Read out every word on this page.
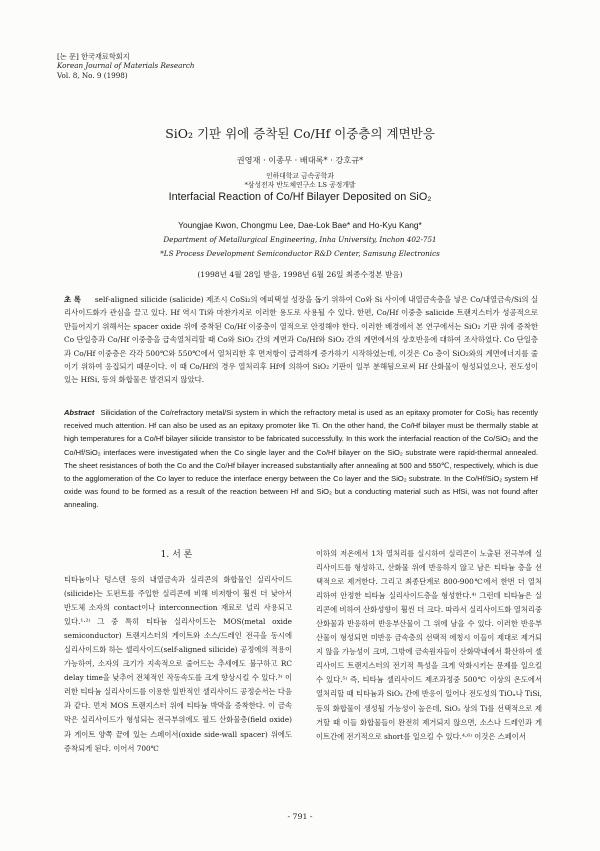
[논 문] 한국재료학회지
Korean Journal of Materials Research
Vol. 8, No. 9 (1998)
SiO₂ 기판 위에 증착된 Co/Hf 이중층의 계면반응
권영재 · 이종무 · 배대록* · 강호규*
인하대학교 금속공학과
*삼성전자 반도체연구소 LS 공정개발
Interfacial Reaction of Co/Hf Bilayer Deposited on SiO₂
Youngjae Kwon, Chongmu Lee, Dae-Lok Bae* and Ho-Kyu Kang*
Department of Metallurgical Engineering, Inha University, Inchon 402-751
*LS Process Development Semiconductor R&D Center, Samsung Electronics
(1998년 4월 28일 받음, 1998년 6월 26일 최종수정본 받음)

초 록 self-aligned silicide (salicide) 제조시 CoSi₂의 에피택셜 성장을 돕기 위하여 Co와 Si 사이에 내열금속층을 넣은 Co/내열금속/Si의 실리사이드화가 관심을 끌고 있다. Hf 역시 Ti와 마찬가지로 이러한 용도로 사용될 수 있다. 한편, Co/Hf 이중층 salicide 트랜지스터가 성공적으로 만들어지기 위해서는 spacer oxide 위에 증착된 Co/Hf 이중층이 열적으로 안정해야 한다. 이러한 배경에서 본 연구에서는 SiO₂ 기판 위에 증착한 Co 단일층과 Co/Hf 이중층을 급속열처리할 때 Co와 SiO₂ 간의 계면과 Co/Hf와 SiO₂ 간의 계면에서의 상호반응에 대하여 조사하였다. Co 단일층과 Co/Hf 이중층은 각각 500℃와 550℃에서 열처리한 후 면저항이 급격하게 증가하기 시작하였는데, 이것은 Co 층이 SiO₂와의 계면에너지를 줄이기 위하여 응집되기 때문이다. 이 때 Co/Hf의 경우 열처리후 Hf에 의하여 SiO₂ 기판이 일부 분해됨으로써 Hf 산화물이 형성되었으나, 전도성이 있는 HfSi, 등의 화합물은 발견되지 않았다.

Abstract Silicidation of the Co/refractory metal/Si system in which the refractory metal is used as an epitaxy promoter for CoSi₂ has recently received much attention. Hf can also be used as an epitaxy promoter like Ti. On the other hand, the Co/Hf bilayer must be thermally stable at high temperatures for a Co/Hf bilayer silicide transistor to be fabricated successfully. In this work the interfacial reaction of the Co/SiO₂ and the Co/Hf/SiO₂ interfaces were investigated when the Co single layer and the Co/Hf bilayer on the SiO₂ substrate were rapid-thermal annealed. The sheet resistances of both the Co and the Co/Hf bilayer increased substantially after annealing at 500 and 550℃, respectively, which is due to the agglomeration of the Co layer to reduce the interface energy between the Co layer and the SiO₂ substrate. In the Co/Hf/SiO₂ system Hf oxide was found to be formed as a result of the reaction between Hf and SiO₂ but a conducting material such as HfSi, was not found after annealing.

1. 서 론

티타늄이나 텅스텐 등의 내열금속과 실리콘의 화합물인 실리사이드(silicide)는 도펀트를 주입한 실리콘에 비해 비저항이 훨씬 더 낮아서 반도체 소자의 contact이나 interconnection 재료로 널리 사용되고 있다.¹·²⁾ 그 중 특히 티타늄 실리사이드는 MOS(metal oxide semiconductor) 트랜지스터의 게이트와 소스/드레인 전극을 동시에 실리사이드화 하는 셀리사이드(self-aligned silicide) 공정에의 적용이 가능하여, 소자의 크기가 지속적으로 줄어드는 추세에도 불구하고 RC delay time을 낮추어 전체적인 작동속도를 크게 향상시킬 수 있다.³⁾ 이러한 티타늄 실리사이드를 이용한 일반적인 셀리사이드 공정순서는 다음과 같다. 먼저 MOS 트랜지스터 위에 티타늄 박막을 증착한다. 이 금속막은 실리사이드가 형성되는 전극부위에도 필드 산화물층(field oxide)과 게이트 양쪽 끝에 있는 스페이서(oxide side-wall spacer) 위에도 증착되게 된다. 이어서 700℃

이하의 저온에서 1차 열처리를 실시하여 실리콘이 노출된 전극부에 실리사이드를 형성하고, 산화물 위에 반응하지 않고 남은 티타늄 층을 선택적으로 제거한다. 그리고 최종단계로 800-900℃에서 한번 더 열처리하여 안정한 티타늄 실리사이드층을 형성한다.⁴⁾ 그런데 티타늄은 실리콘에 비하여 산화성향이 훨씬 더 크다. 따라서 실리사이드화 열처리중 산화물과 반응하여 반응부산물이 그 위에 남을 수 있다. 이러한 반응부산물이 형성되면 미반응 금속층의 선택적 에칭시 이들이 제대로 제거되지 않을 가능성이 크며, 그밖에 금속원자들이 산화막내에서 확산하여 셀리사이드 트랜지스터의 전기적 특성을 크게 악화시키는 문제를 일으킬 수 있다.⁵⁾ 즉, 티타늄 셀리사이드 제조과정중 500℃ 이상의 온도에서 열처리할 때 티타늄과 SiO₂ 간에 반응이 일어나 전도성의 TiOₓ나 TiSi, 등의 화합물이 생성될 가능성이 높은데, SiO₂ 상의 Ti를 선택적으로 제거할 때 이들 화합물들이 완전히 제거되지 않으면, 소스나 드레인과 게이트간에 전기적으로 short를 일으킬 수 있다.⁴·⁶⁾ 이것은 스페이서

- 791 -
